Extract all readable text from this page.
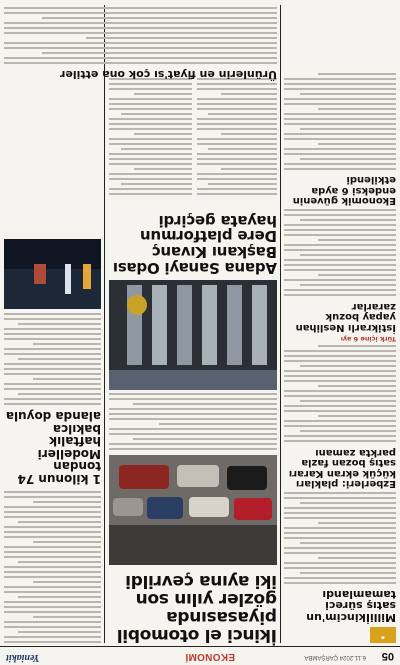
05
6.11.2024 ÇARŞAMBA
EKONOMİ
Yeniakit
❝
Milliİkincim'un satış süreci tamamlandı
Ezberleri: plakları küçük ekran Kararı satış bozan fazla parkta zamanı
Türk içine 6 ayı
İstikrarlı Neslihan yapay bozuk zararlar
Ekonomik güvenin endeksi 6 ayda etkilendi
İkinci el otomobil piyasasında gözler yılın son iki ayına çevrildi
Adana Sanayi Odası Başkanı Kıvanç Dere platformun hayata geçirdi
1 kilonun 74 tondan Modelleri haftalık bakılca alanda doyula
Ürünlerin en fiyat'sı çok ona ettiler
